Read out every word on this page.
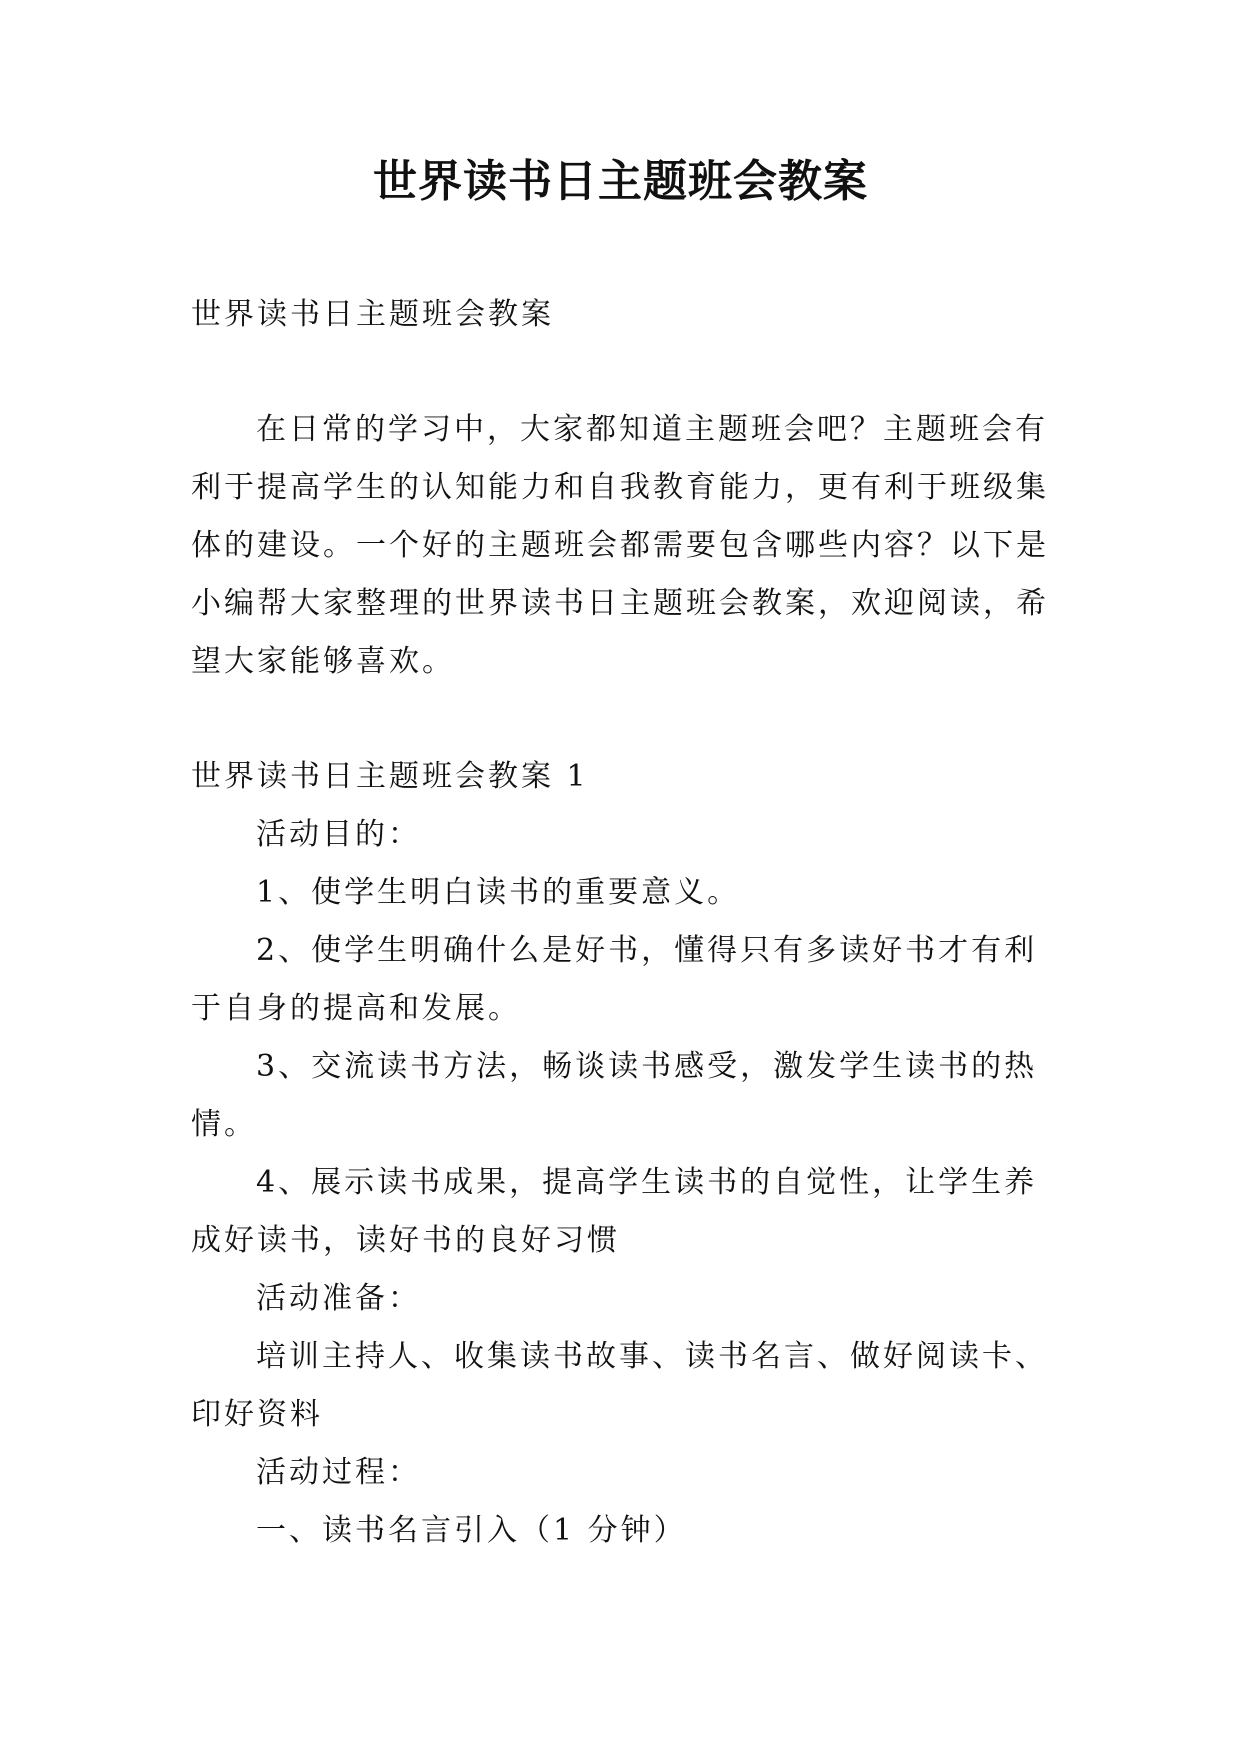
世界读书日主题班会教案

世界读书日主题班会教案

在日常的学习中，大家都知道主题班会吧？主题班会有

利于提高学生的认知能力和自我教育能力，更有利于班级集

体的建设。一个好的主题班会都需要包含哪些内容？以下是

小编帮大家整理的世界读书日主题班会教案，欢迎阅读，希

望大家能够喜欢。

世界读书日主题班会教案 1

活动目的：

1、使学生明白读书的重要意义。

2、使学生明确什么是好书，懂得只有多读好书才有利

于自身的提高和发展。

3、交流读书方法，畅谈读书感受，激发学生读书的热

情。

4、展示读书成果，提高学生读书的自觉性，让学生养

成好读书，读好书的良好习惯

活动准备：

培训主持人、收集读书故事、读书名言、做好阅读卡、

印好资料

活动过程：

一、读书名言引入（1 分钟）
